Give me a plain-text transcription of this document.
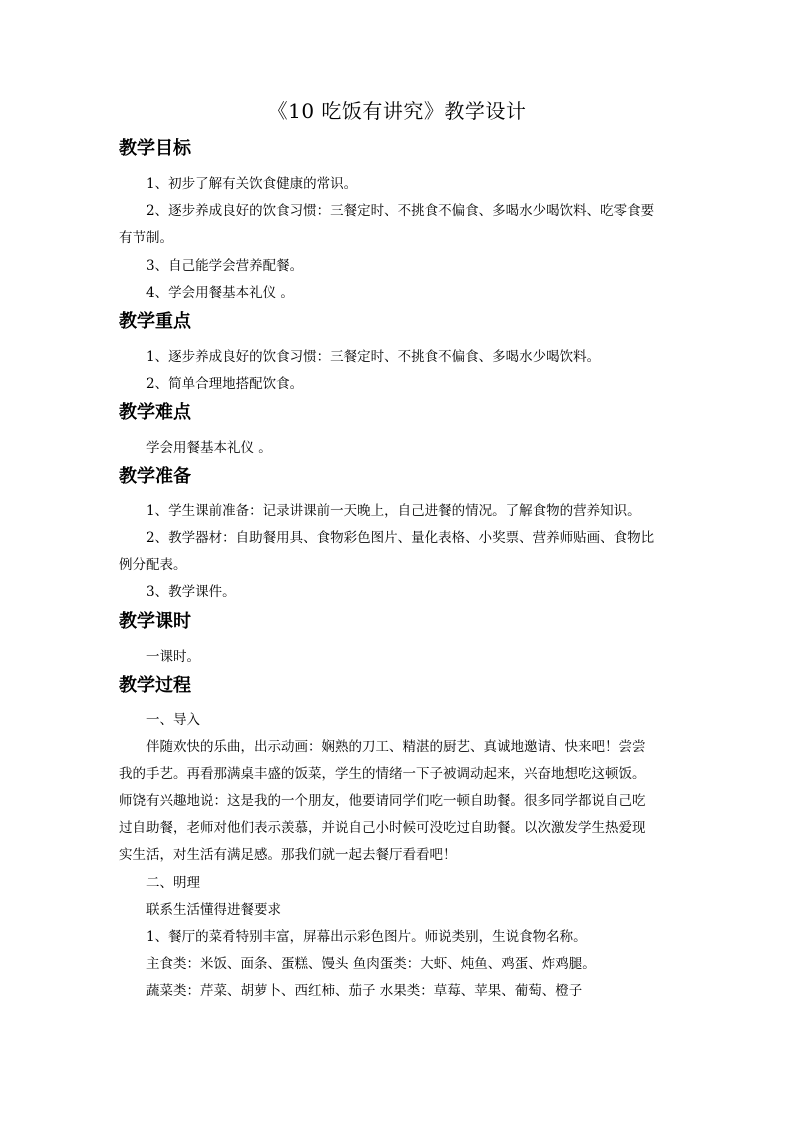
《10 吃饭有讲究》教学设计
教学目标
1、初步了解有关饮食健康的常识。
2、逐步养成良好的饮食习惯：三餐定时、不挑食不偏食、多喝水少喝饮料、吃零食要
有节制。
3、自己能学会营养配餐。
4、学会用餐基本礼仪 。
教学重点
1、逐步养成良好的饮食习惯：三餐定时、不挑食不偏食、多喝水少喝饮料。
2、简单合理地搭配饮食。
教学难点
学会用餐基本礼仪 。
教学准备
1、学生课前准备：记录讲课前一天晚上，自己进餐的情况。了解食物的营养知识。
2、教学器材：自助餐用具、食物彩色图片、量化表格、小奖票、营养师贴画、食物比
例分配表。
3、教学课件。
教学课时
一课时。
教学过程
一、导入
伴随欢快的乐曲，出示动画：娴熟的刀工、精湛的厨艺、真诚地邀请、快来吧！尝尝
我的手艺。再看那满桌丰盛的饭菜，学生的情绪一下子被调动起来，兴奋地想吃这顿饭。
师饶有兴趣地说：这是我的一个朋友，他要请同学们吃一顿自助餐。很多同学都说自己吃
过自助餐，老师对他们表示羡慕，并说自己小时候可没吃过自助餐。以次激发学生热爱现
实生活，对生活有满足感。那我们就一起去餐厅看看吧！
二、明理
联系生活懂得进餐要求
1、餐厅的菜肴特别丰富，屏幕出示彩色图片。师说类别，生说食物名称。
主食类：米饭、面条、蛋糕、馒头 鱼肉蛋类：大虾、炖鱼、鸡蛋、炸鸡腿。
蔬菜类：芹菜、胡萝卜、西红柿、茄子 水果类：草莓、苹果、葡萄、橙子
